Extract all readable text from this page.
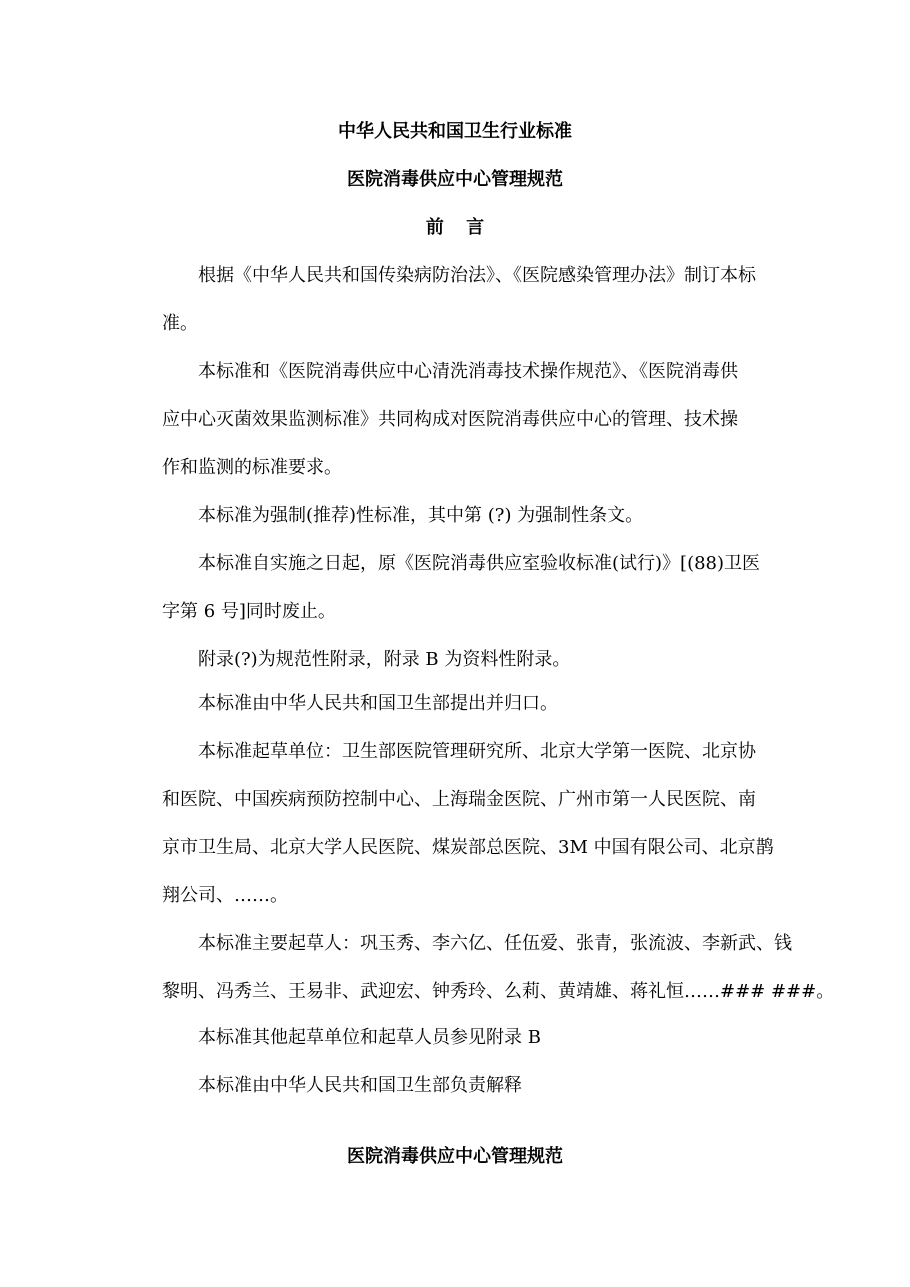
中华人民共和国卫生行业标准
医院消毒供应中心管理规范
前 言
根据《中华人民共和国传染病防治法》、《医院感染管理办法》制订本标
准。
本标准和《医院消毒供应中心清洗消毒技术操作规范》、《医院消毒供
应中心灭菌效果监测标准》共同构成对医院消毒供应中心的管理、技术操
作和监测的标准要求。
本标准为强制(推荐)性标准，其中第 (?) 为强制性条文。
本标准自实施之日起，原《医院消毒供应室验收标准(试行)》[(88)卫医
字第 6 号]同时废止。
附录(?)为规范性附录，附录 B 为资料性附录。
本标准由中华人民共和国卫生部提出并归口。
本标准起草单位：卫生部医院管理研究所、北京大学第一医院、北京协
和医院、中国疾病预防控制中心、上海瑞金医院、广州市第一人民医院、南
京市卫生局、北京大学人民医院、煤炭部总医院、3M 中国有限公司、北京鹊
翔公司、……。
本标准主要起草人：巩玉秀、李六亿、任伍爱、张青，张流波、李新武、钱
黎明、冯秀兰、王易非、武迎宏、钟秀玲、么莉、黄靖雄、蒋礼恒……### ###。
本标准其他起草单位和起草人员参见附录 B
本标准由中华人民共和国卫生部负责解释
医院消毒供应中心管理规范
